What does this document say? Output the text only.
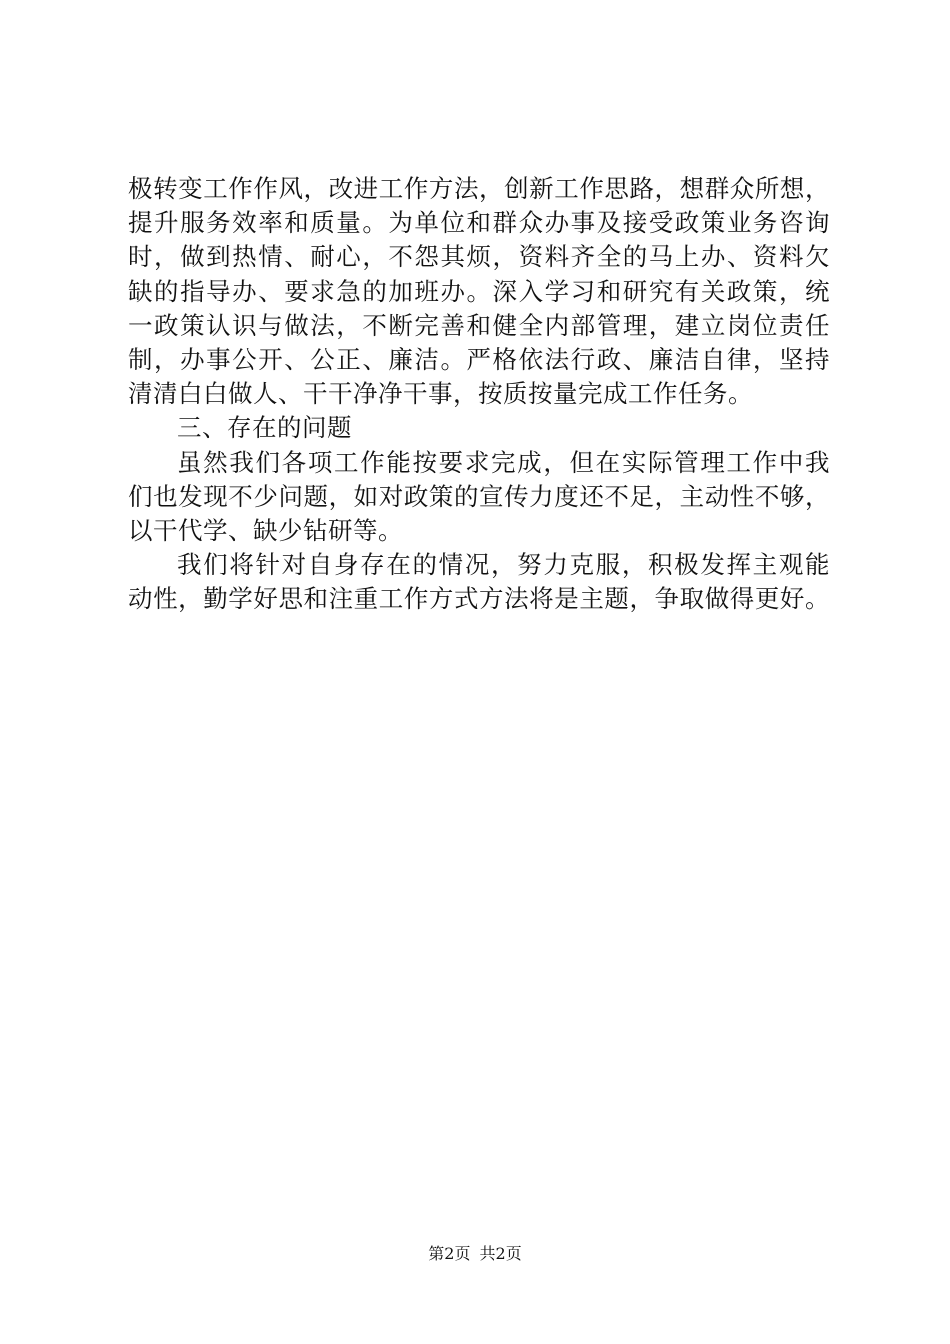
极转变工作作风，改进工作方法，创新工作思路，想群众所想，
提升服务效率和质量。为单位和群众办事及接受政策业务咨询
时，做到热情、耐心，不怨其烦，资料齐全的马上办、资料欠
缺的指导办、要求急的加班办。深入学习和研究有关政策，统
一政策认识与做法，不断完善和健全内部管理，建立岗位责任
制，办事公开、公正、廉洁。严格依法行政、廉洁自律，坚持
清清白白做人、干干净净干事，按质按量完成工作任务。
三、存在的问题
虽然我们各项工作能按要求完成，但在实际管理工作中我
们也发现不少问题，如对政策的宣传力度还不足，主动性不够，
以干代学、缺少钻研等。
我们将针对自身存在的情况，努力克服，积极发挥主观能
动性，勤学好思和注重工作方式方法将是主题，争取做得更好。
第2页 共2页
